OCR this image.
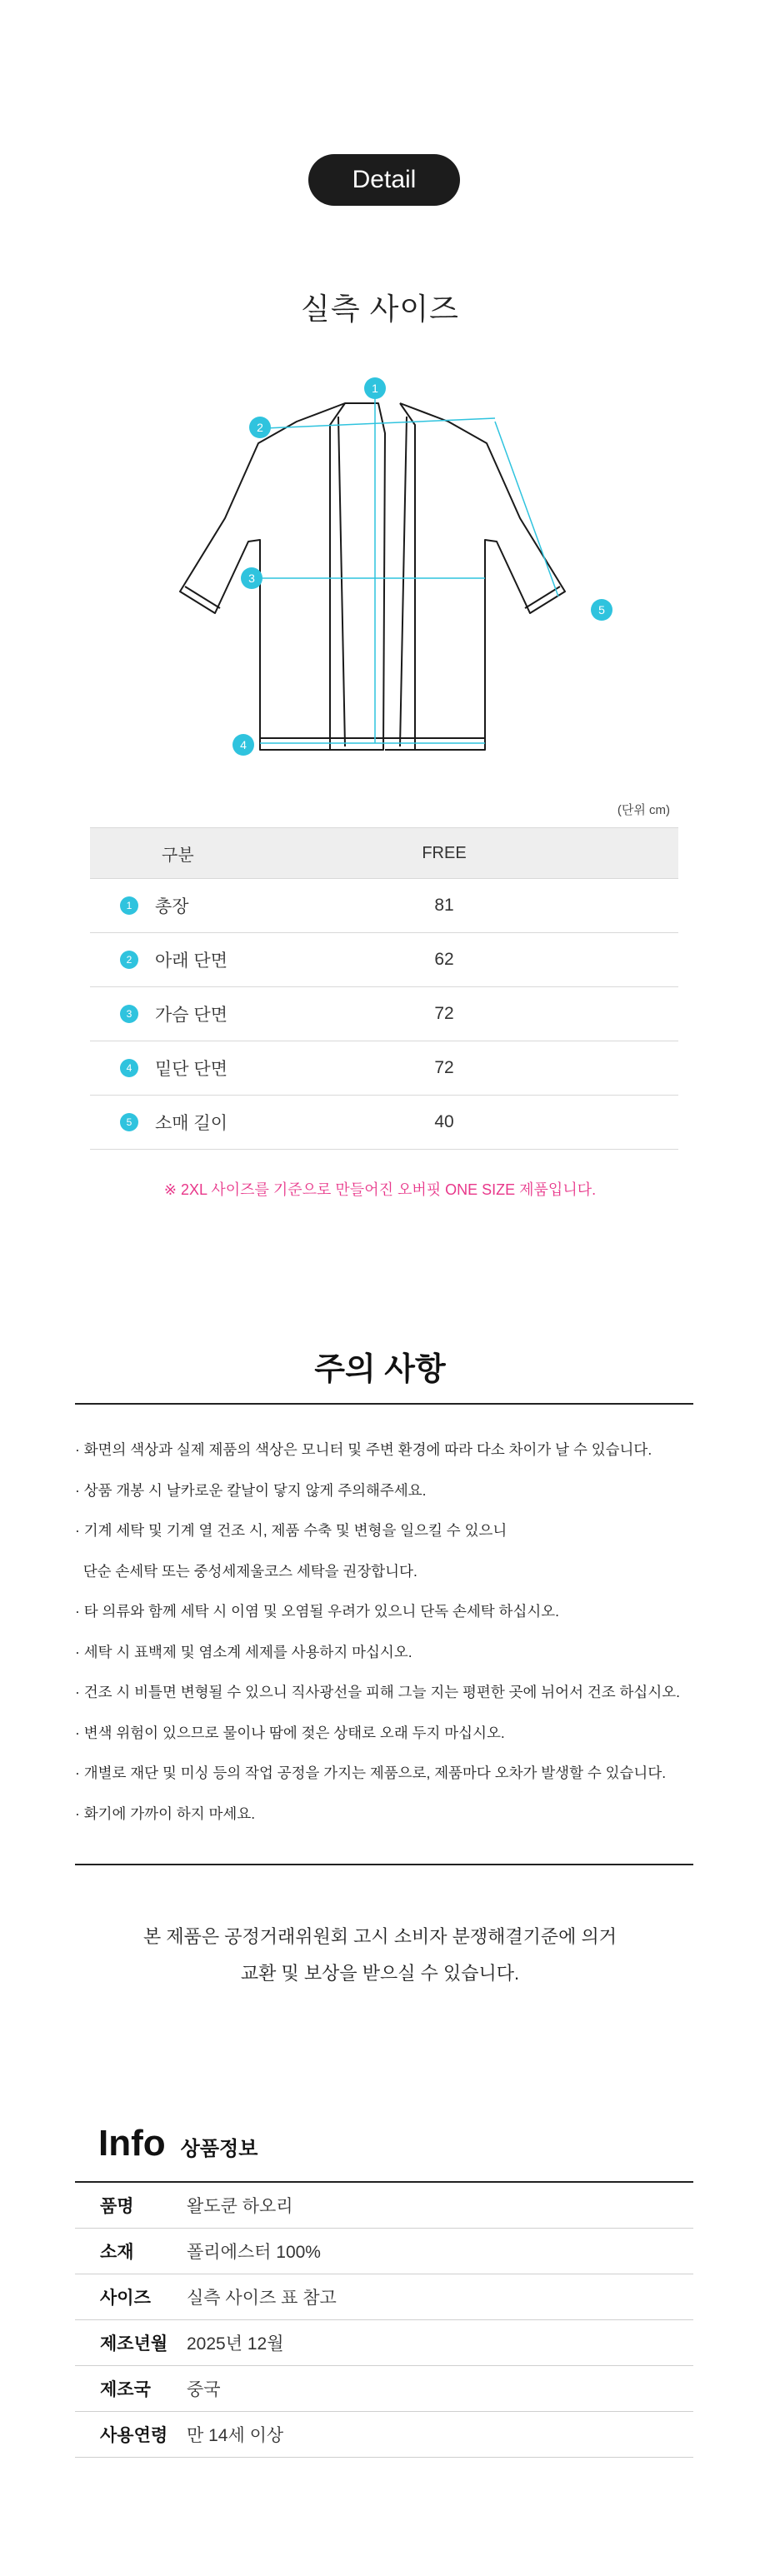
Detail
실측 사이즈
1
2
3
4
5
(단위 cm)
구분	FREE
1	총장	81
2	아래 단면	62
3	가슴 단면	72
4	밑단 단면	72
5	소매 길이	40
※ 2XL 사이즈를 기준으로 만들어진 오버핏 ONE SIZE 제품입니다.
주의 사항
· 화면의 색상과 실제 제품의 색상은 모니터 및 주변 환경에 따라 다소 차이가 날 수 있습니다.
· 상품 개봉 시 날카로운 칼날이 닿지 않게 주의해주세요.
· 기계 세탁 및 기계 열 건조 시, 제품 수축 및 변형을 일으킬 수 있으니
단순 손세탁 또는 중성세제울코스 세탁을 권장합니다.
· 타 의류와 함께 세탁 시 이염 및 오염될 우려가 있으니 단독 손세탁 하십시오.
· 세탁 시 표백제 및 염소계 세제를 사용하지 마십시오.
· 건조 시 비틀면 변형될 수 있으니 직사광선을 피해 그늘 지는 평편한 곳에 뉘어서 건조 하십시오.
· 변색 위험이 있으므로 물이나 땀에 젖은 상태로 오래 두지 마십시오.
· 개별로 재단 및 미싱 등의 작업 공정을 가지는 제품으로, 제품마다 오차가 발생할 수 있습니다.
· 화기에 가까이 하지 마세요.
본 제품은 공정거래위원회 고시 소비자 분쟁해결기준에 의거
교환 및 보상을 받으실 수 있습니다.
Info 상품정보
품명	왈도쿤 하오리
소재	폴리에스터 100%
사이즈	실측 사이즈 표 참고
제조년월	2025년 12월
제조국	중국
사용연령	만 14세 이상
